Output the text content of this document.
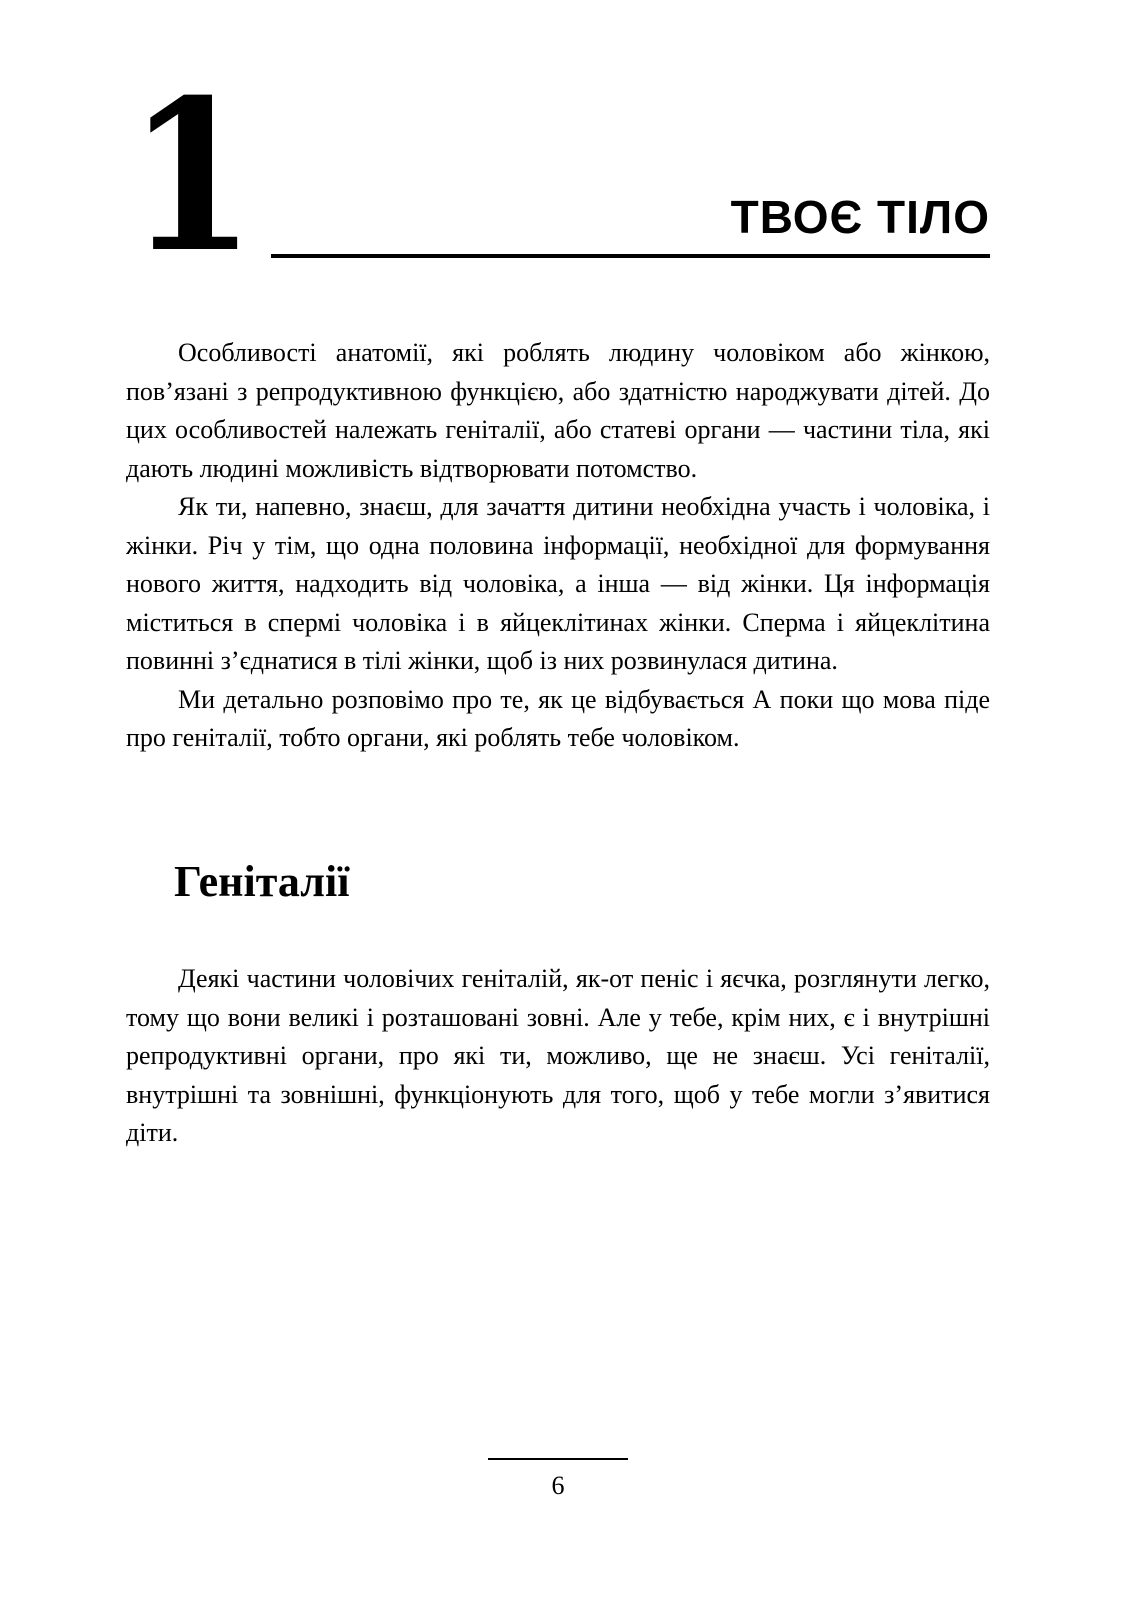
1	ТВОЄ ТІЛО

Особливості анатомії, які роблять людину чоловіком або жінкою, пов’язані з репродуктивною функцією, або здатністю народжувати дітей. До цих особливостей належать геніталії, або статеві органи — частини тіла, які дають людині можливість відтворювати потомство.

Як ти, напевно, знаєш, для зачаття дитини необхідна участь і чоловіка, і жінки. Річ у тім, що одна половина інформації, необхідної для формування нового життя, надходить від чоловіка, а інша — від жінки. Ця інформація міститься в спермі чоловіка і в яйцеклітинах жінки. Сперма і яйцеклітина повинні з’єднатися в тілі жінки, щоб із них розвинулася дитина.

Ми детально розповімо про те, як це відбувається А поки що мова піде про геніталії, тобто органи, які роблять тебе чоловіком.

Геніталії

Деякі частини чоловічих геніталій, як-от пеніс і яєчка, розглянути легко, тому що вони великі і розташовані зовні. Але у тебе, крім них, є і внутрішні репродуктивні органи, про які ти, можливо, ще не знаєш. Усі геніталії, внутрішні та зовнішні, функціонують для того, щоб у тебе могли з’явитися діти.

6
